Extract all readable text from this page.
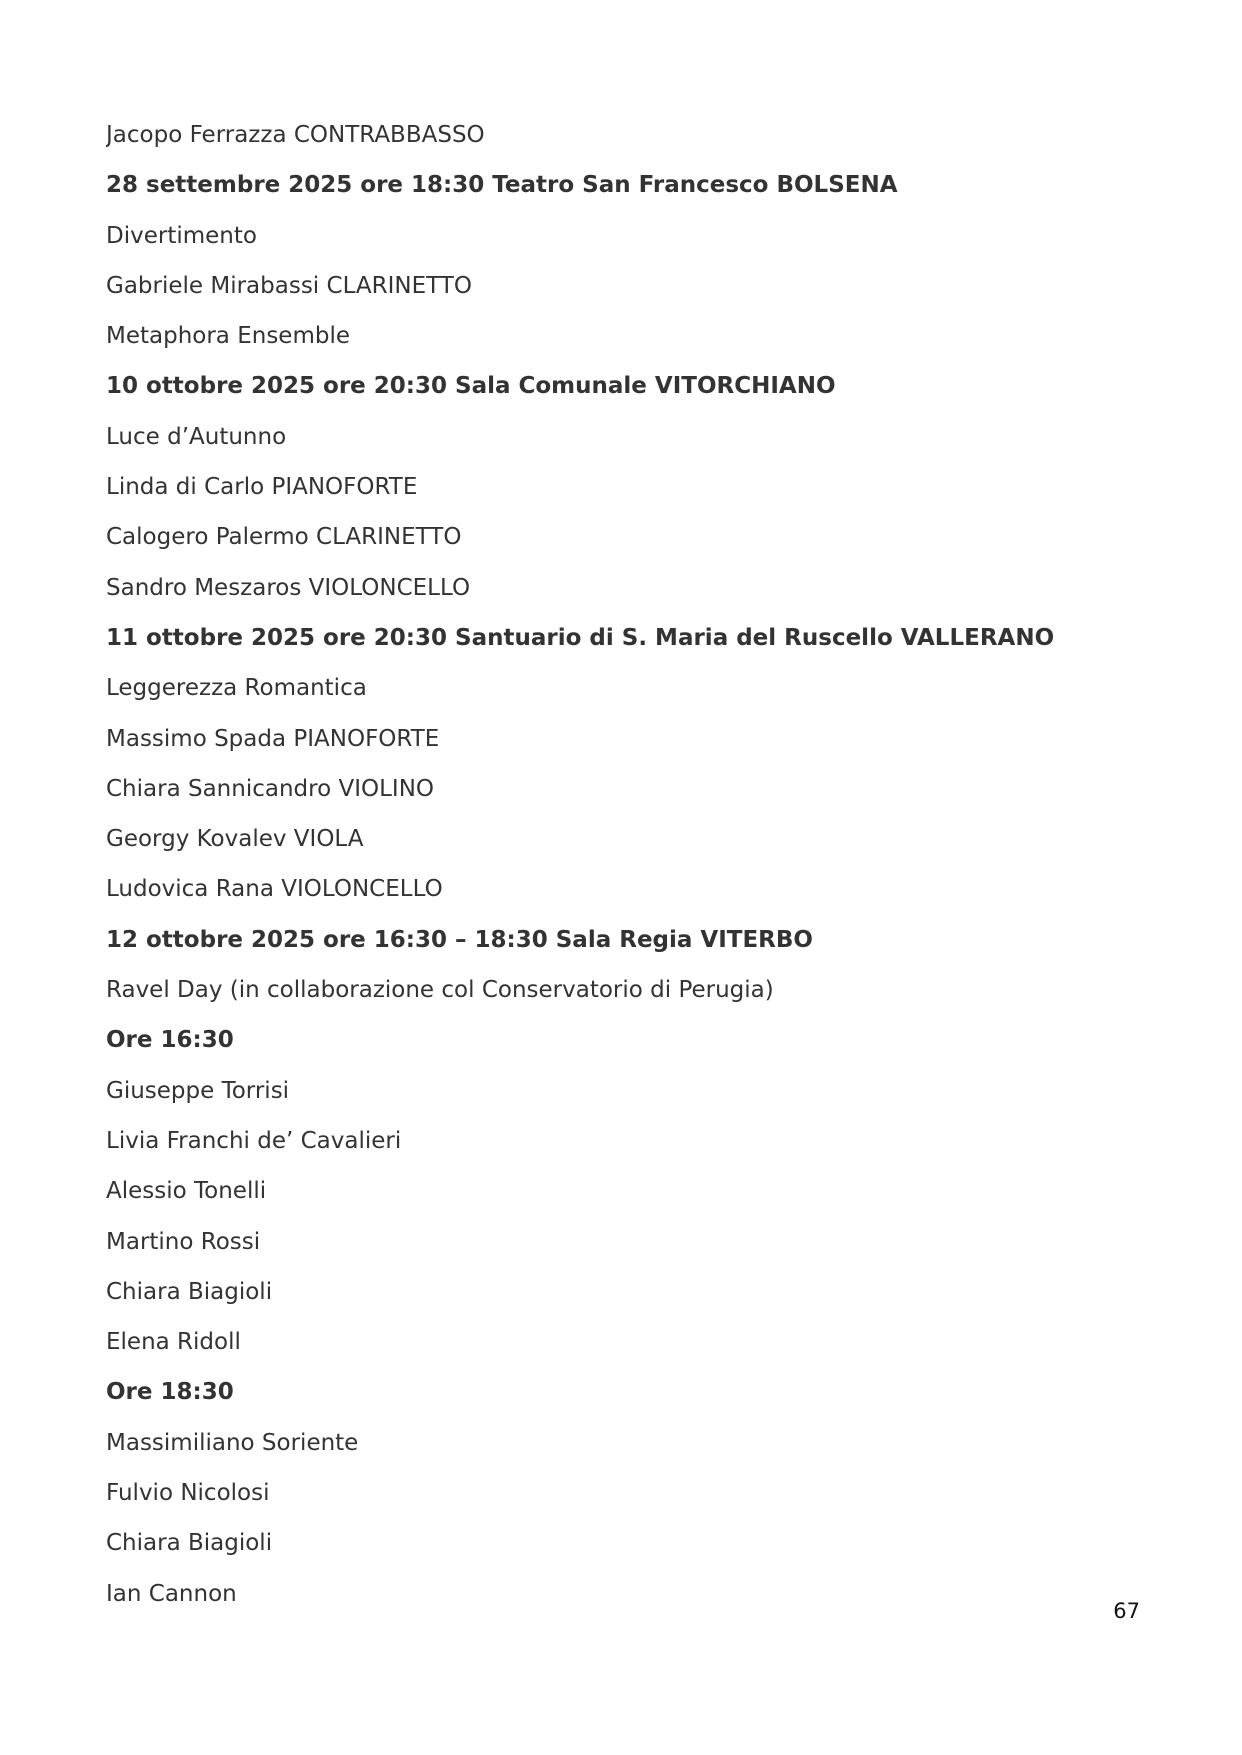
Jacopo Ferrazza CONTRABBASSO
28 settembre 2025 ore 18:30 Teatro San Francesco BOLSENA
Divertimento
Gabriele Mirabassi CLARINETTO
Metaphora Ensemble
10 ottobre 2025 ore 20:30 Sala Comunale VITORCHIANO
Luce d’Autunno
Linda di Carlo PIANOFORTE
Calogero Palermo CLARINETTO
Sandro Meszaros VIOLONCELLO
11 ottobre 2025 ore 20:30 Santuario di S. Maria del Ruscello VALLERANO
Leggerezza Romantica
Massimo Spada PIANOFORTE
Chiara Sannicandro VIOLINO
Georgy Kovalev VIOLA
Ludovica Rana VIOLONCELLO
12 ottobre 2025 ore 16:30 – 18:30 Sala Regia VITERBO
Ravel Day (in collaborazione col Conservatorio di Perugia)
Ore 16:30
Giuseppe Torrisi
Livia Franchi de’ Cavalieri
Alessio Tonelli
Martino Rossi
Chiara Biagioli
Elena Ridoll
Ore 18:30
Massimiliano Soriente
Fulvio Nicolosi
Chiara Biagioli
Ian Cannon
67
